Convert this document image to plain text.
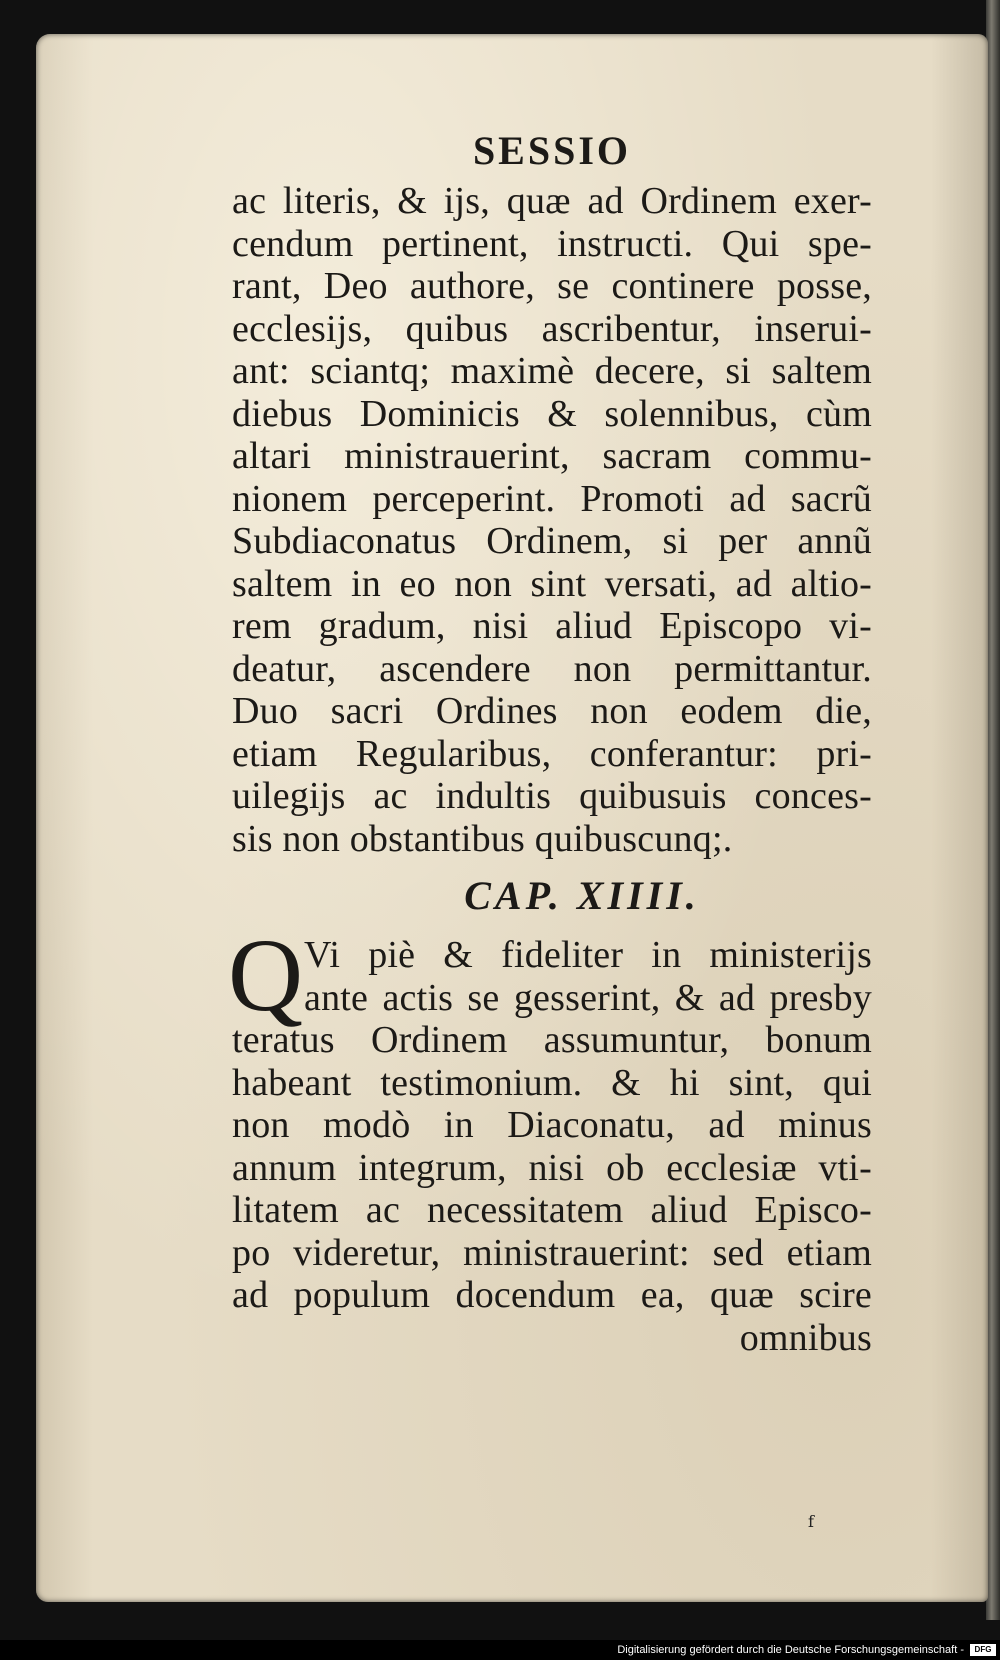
SESSIO
ac literis, & ijs, quæ ad Ordinem exer-
cendum pertinent, instructi. Qui spe-
rant, Deo authore, se continere posse,
ecclesijs, quibus ascribentur, inserui-
ant: sciantq; maximè decere, si saltem
diebus Dominicis & solennibus, cùm
altari ministrauerint, sacram commu-
nionem perceperint. Promoti ad sacrũ
Subdiaconatus Ordinem, si per annũ
saltem in eo non sint versati, ad altio-
rem gradum, nisi aliud Episcopo vi-
deatur, ascendere non permittantur.
Duo sacri Ordines non eodem die,
etiam Regularibus, conferantur: pri-
uilegijs ac indultis quibusuis conces-
sis non obstantibus quibuscunq;.
CAP. XIIII.
Q Vi piè & fideliter in ministerijs
ante actis se gesserint, & ad presby
teratus Ordinem assumuntur, bonum
habeant testimonium. & hi sint, qui
non modò in Diaconatu, ad minus
annum integrum, nisi ob ecclesiæ vti-
litatem ac necessitatem aliud Episco-
po videretur, ministrauerint: sed etiam
ad populum docendum ea, quæ scire
omnibus
f
Digitalisierung gefördert durch die Deutsche Forschungsgemeinschaft -	DFG
